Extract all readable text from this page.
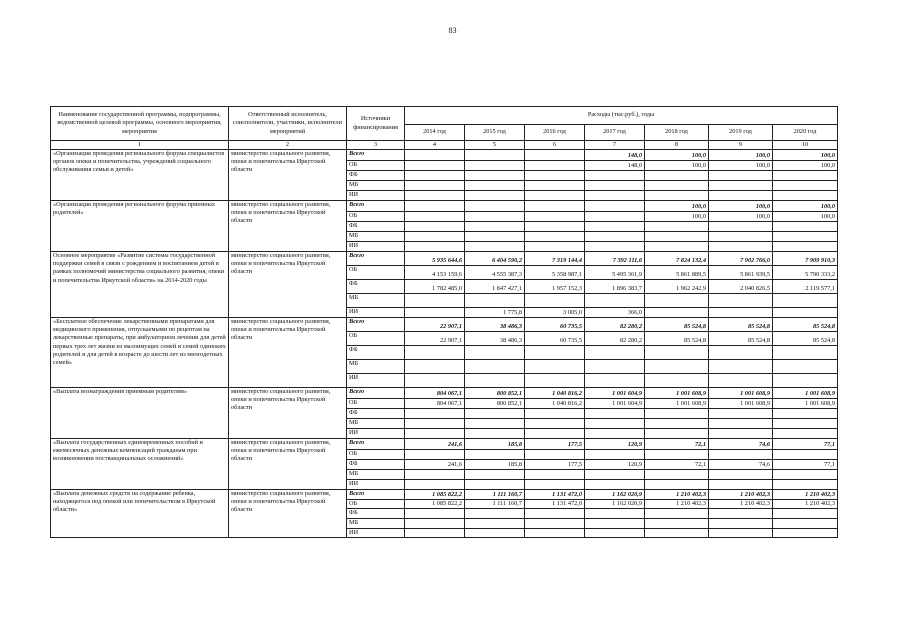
83
Наименование государственной программы, подпрограммы, ведомственной целевой программы, основного мероприятия, мероприятия	Ответственный исполнитель, соисполнители, участники, исполнители мероприятий	Источники финансирования	Расходы (тыс.руб.), годы						
			2014 год	2015 год	2016 год	2017 год	2018 год	2019 год	2020 год
1	2	3	4	5	6	7	8	9	10
«Организация проведения регионального форума специалистов органов опеки и попечительства, учреждений социального обслуживания семьи и детей»	министерство социального развития, опеки и попечительства Иркутской области	Всего				148,0	100,0	100,0	100,0
		ОБ				148,0	100,0	100,0	100,0
		ФБ							
		МБ							
		ИИ							
«Организация проведения регионального форума приемных родителей»	министерство социального развития, опеки и попечительства Иркутской области	Всего					100,0	100,0	100,0
		ОБ					100,0	100,0	100,0
		ФБ							
		МБ							
		ИИ							
Основное мероприятие «Развитие системы государственной поддержки семей в связи с рождением и воспитанием детей в рамках полномочий министерства социального развития, опеки и попечительства Иркутской области» на 2014-2020 годы	министерство социального развития, опеки и попечительства Иркутской области	Всего	5 935 644,6	6 404 590,2	7 319 144,4	7 392 111,6	7 824 132,4	7 902 766,0	7 909 910,3
		ОБ	4 153 159,6	4 555 387,3	5 358 987,1	5 495 361,9	5 861 889,5	5 861 939,5	5 790 333,2
		ФБ	1 782 485,0	1 847 427,1	1 957 152,3	1 896 383,7	1 962 242,9	2 040 826,5	2 119 577,1
		МБ							
		ИИ		1 775,8	3 005,0	366,0			
«Бесплатное обеспечение лекарственными препаратами для медицинского применения, отпускаемыми по рецептам на лекарственные препараты, при амбулаторном лечении для детей первых трех лет жизни из малоимущих семей и семей одиноких родителей и для детей в возрасте до шести лет из многодетных семей»	министерство социального развития, опеки и попечительства Иркутской области	Всего	22 907,1	38 486,3	60 735,5	82 280,2	85 524,8	85 524,8	85 524,8
		ОБ	22 907,1	38 486,3	60 735,5	82 280,2	85 524,8	85 524,8	85 524,8
		ФБ							
		МБ							
		ИИ							
«Выплата вознаграждения приемным родителям»	министерство социального развития, опеки и попечительства Иркутской области	Всего	804 067,1	800 852,1	1 040 816,2	1 001 604,9	1 001 608,9	1 001 608,9	1 001 608,9
		ОБ	804 067,1	800 852,1	1 040 816,2	1 001 604,9	1 001 608,9	1 001 608,9	1 001 608,9
		ФБ							
		МБ							
		ИИ							
«Выплата государственных единовременных пособий и ежемесячных денежных компенсаций гражданам при возникновении поствакцинальных осложнений»	министерство социального развития, опеки и попечительства Иркутской области	Всего	241,6	185,8	177,5	120,9	72,1	74,6	77,1
		ОБ							
		ФБ	241,6	185,8	177,5	120,9	72,1	74,6	77,1
		МБ							
		ИИ							
«Выплата денежных средств на содержание ребенка, находящегося под опекой или попечительством в Иркутской области»	министерство социального развития, опеки и попечительства Иркутской области	Всего	1 085 822,2	1 111 160,7	1 131 472,0	1 162 020,9	1 210 402,3	1 210 402,3	1 210 402,3
		ОБ	1 085 822,2	1 111 160,7	1 131 472,0	1 162 020,9	1 210 402,3	1 210 402,3	1 210 402,3
		ФБ							
		МБ							
		ИИ							
